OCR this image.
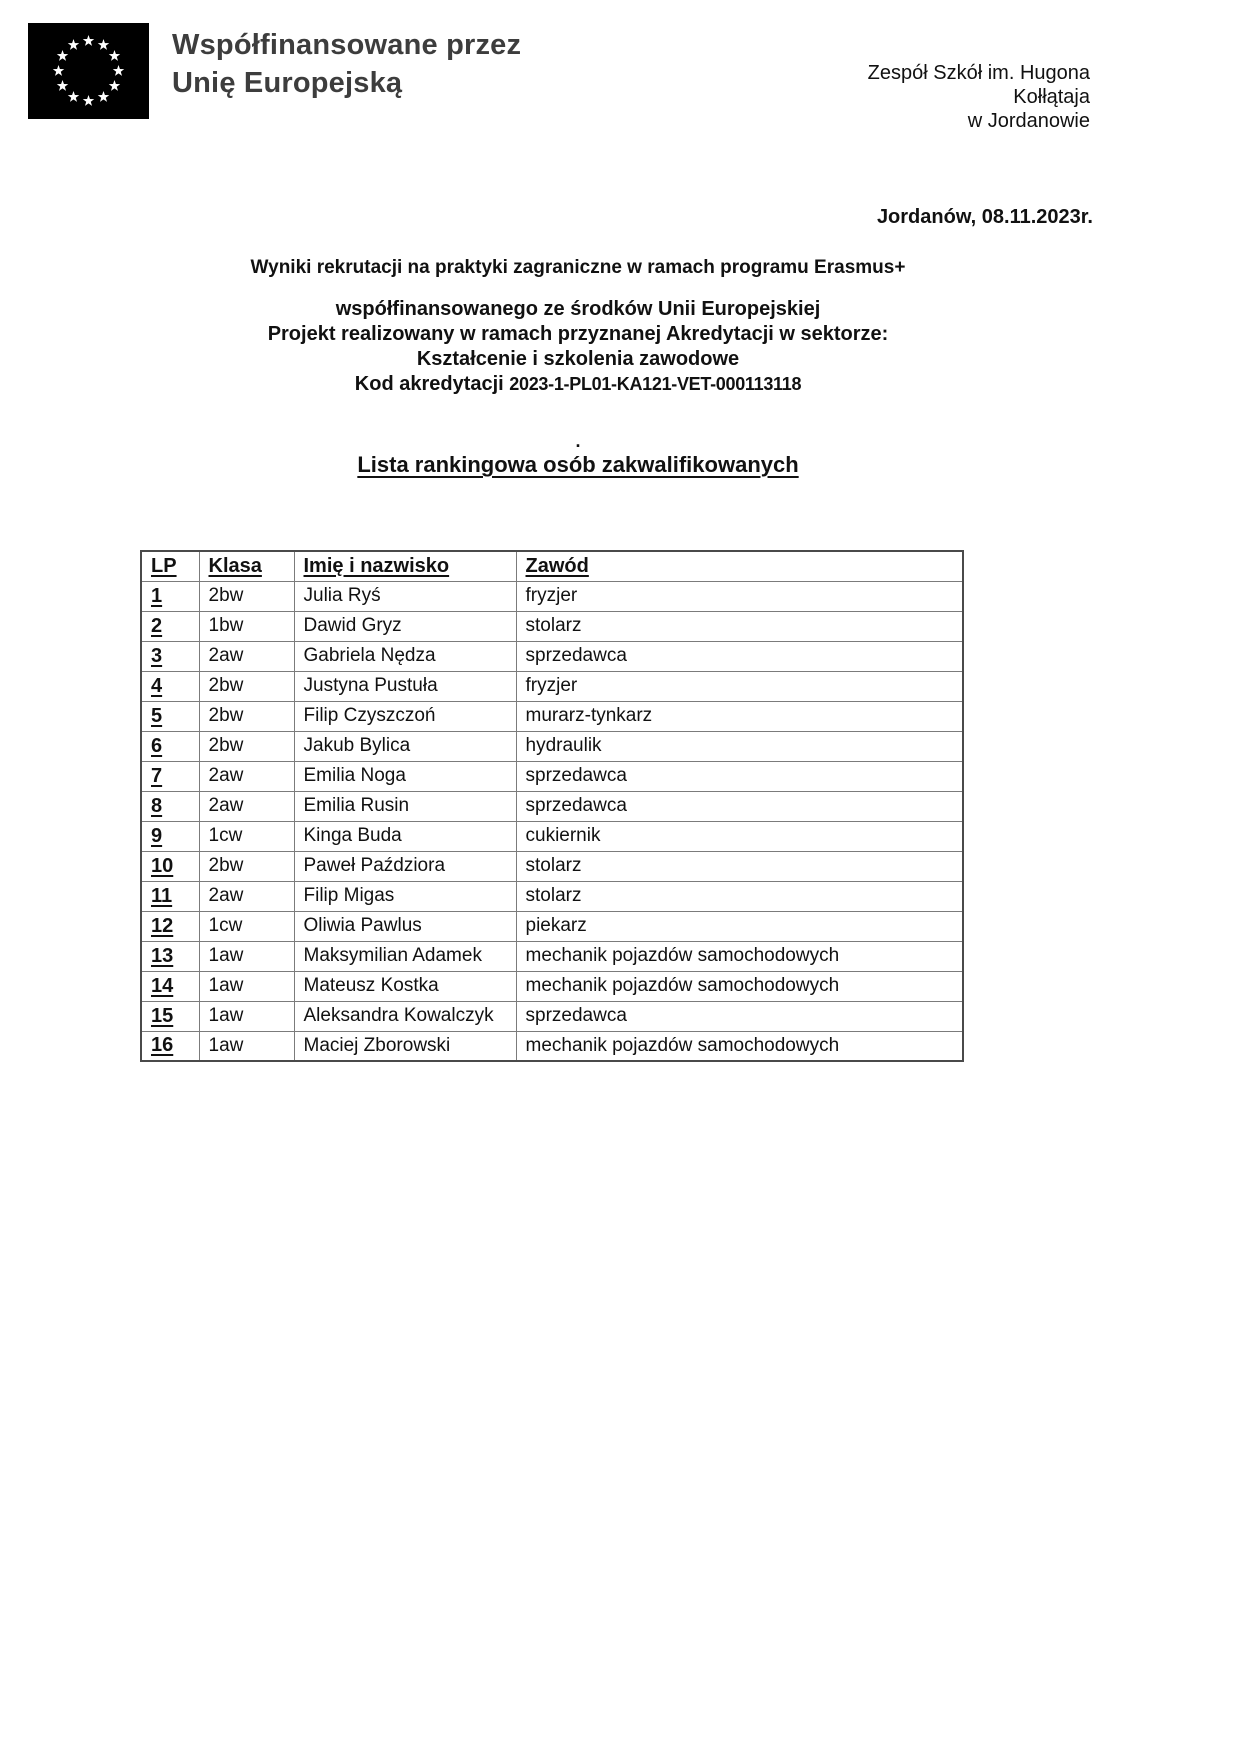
Współfinansowane przez
Unię Europejską	Zespół Szkół im. Hugona
Kołłątaja
w Jordanowie
Jordanów, 08.11.2023r.

Wyniki rekrutacji na praktyki zagraniczne w ramach programu Erasmus+

współfinansowanego ze środków Unii Europejskiej

Projekt realizowany w ramach przyznanej Akredytacji w sektorze:

Kształcenie i szkolenia zawodowe

Kod akredytacji 2023-1-PL01-KA121-VET-000113118

.
Lista rankingowa osób zakwalifikowanych
LP	Klasa	Imię i nazwisko	Zawód
1	2bw	Julia Ryś	fryzjer
2	1bw	Dawid Gryz	stolarz
3	2aw	Gabriela Nędza	sprzedawca
4	2bw	Justyna Pustuła	fryzjer
5	2bw	Filip Czyszczoń	murarz-tynkarz
6	2bw	Jakub Bylica	hydraulik
7	2aw	Emilia Noga	sprzedawca
8	2aw	Emilia Rusin	sprzedawca
9	1cw	Kinga Buda	cukiernik
10	2bw	Paweł Paździora	stolarz
11	2aw	Filip Migas	stolarz
12	1cw	Oliwia Pawlus	piekarz
13	1aw	Maksymilian Adamek	mechanik pojazdów samochodowych
14	1aw	Mateusz Kostka	mechanik pojazdów samochodowych
15	1aw	Aleksandra Kowalczyk	sprzedawca
16	1aw	Maciej Zborowski	mechanik pojazdów samochodowych
